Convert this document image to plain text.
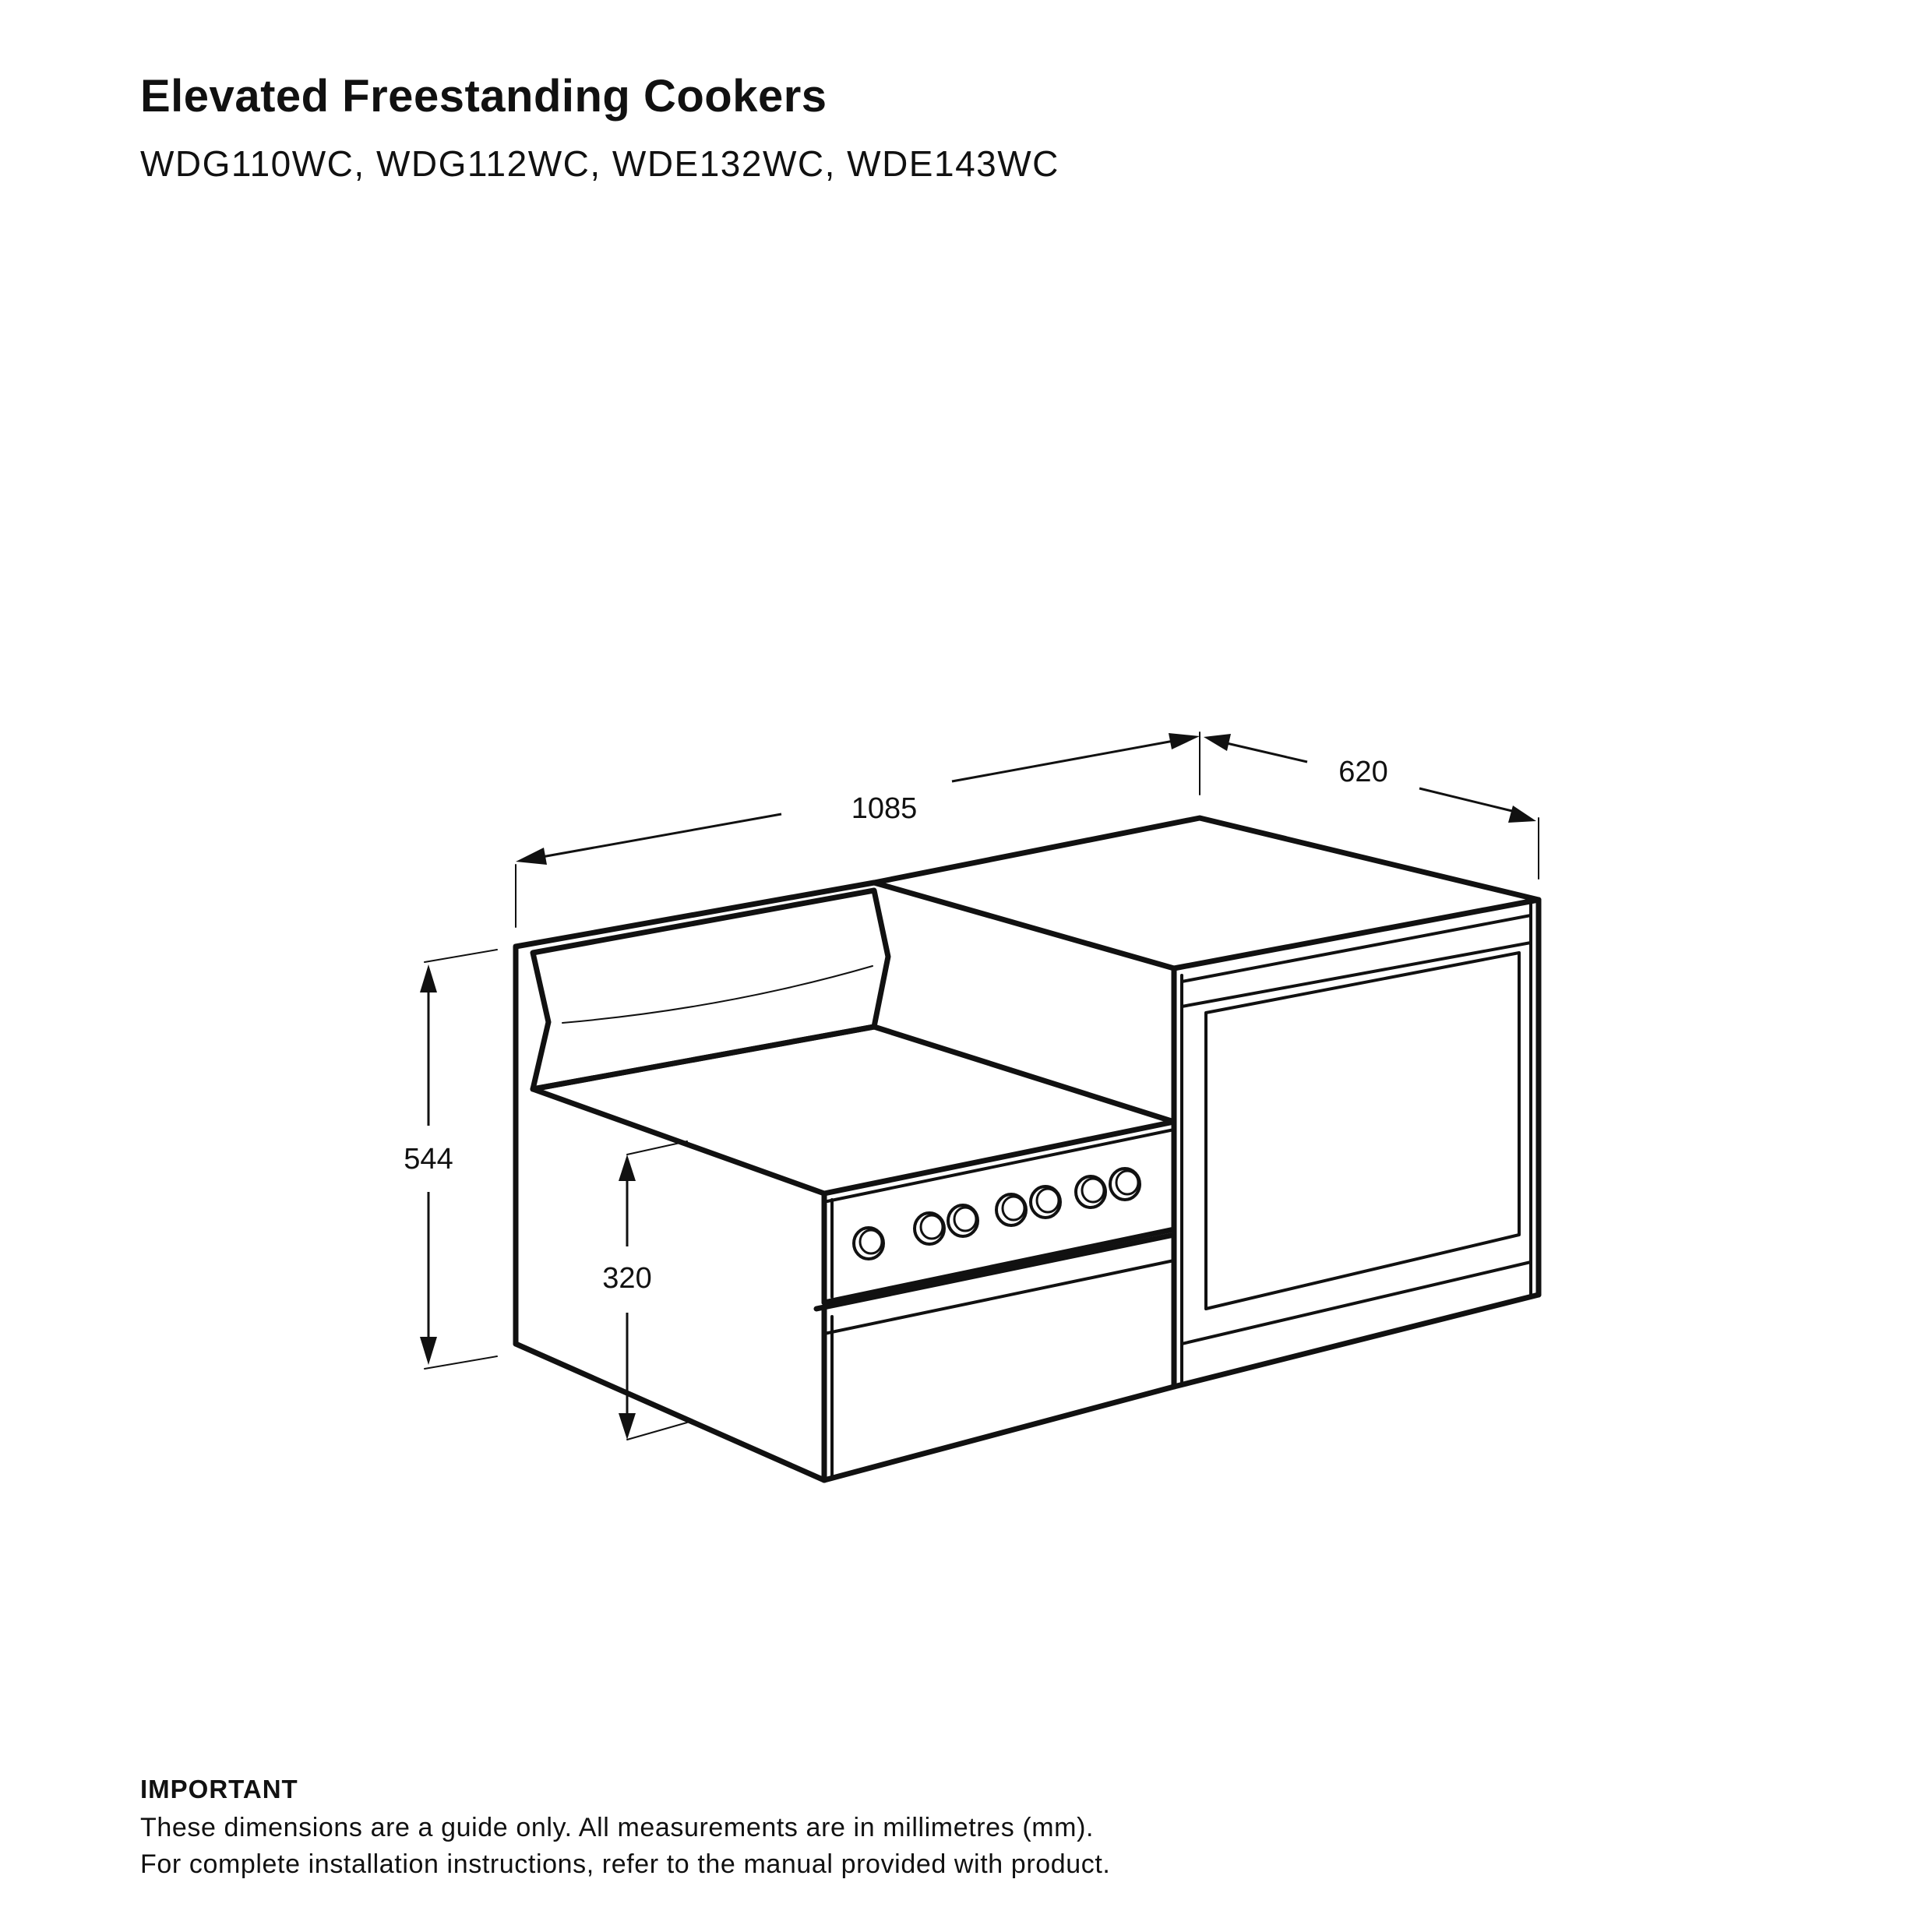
Elevated Freestanding Cookers

WDG110WC, WDG112WC, WDE132WC, WDE143WC

1085
620
544
320

IMPORTANT

These dimensions are a guide only. All measurements are in millimetres (mm).

For complete installation instructions, refer to the manual provided with product.
